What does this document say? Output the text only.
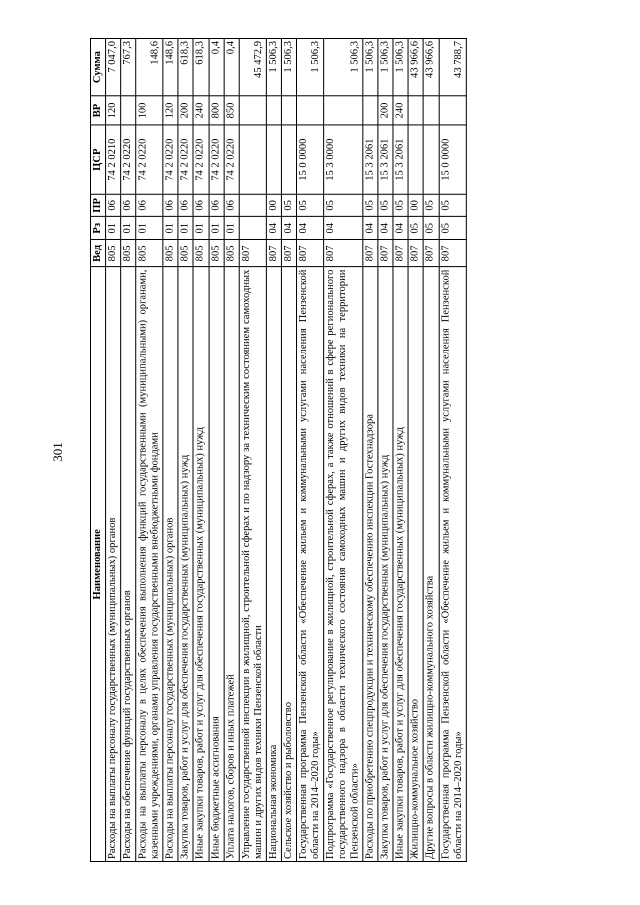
301
Наименование	Вед	Рз	ПР	ЦСР	ВР	Сумма
Расходы на выплаты персоналу государственных (муниципальных) органов	805	01	06	74 2 0210	120	7 047,0
Расходы на обеспечение функций государственных органов	805	01	06	74 2 0220		767,3
Расходы на выплаты персоналу в целях обеспечения выполнения функций государственными (муниципальными) органами, казенными учреждениями, органами управления государственными внебюджетными фондами	805	01	06	74 2 0220	100	148,6
Расходы на выплаты персоналу государственных (муниципальных) органов	805	01	06	74 2 0220	120	148,6
Закупка товаров, работ и услуг для обеспечения государственных (муниципальных) нужд	805	01	06	74 2 0220	200	618,3
Иные закупки товаров, работ и услуг для обеспечения государственных (муниципальных) нужд	805	01	06	74 2 0220	240	618,3
Иные бюджетные ассигнования	805	01	06	74 2 0220	800	0,4
Уплата налогов, сборов и иных платежей	805	01	06	74 2 0220	850	0,4
Управление государственной инспекции в жилищной, строительной сферах и по надзору за техническим состоянием самоходных машин и других видов техники Пензенской области	807					45 472,9
Национальная экономика	807	04	00			1 506,3
Сельское хозяйство и рыболовство	807	04	05			1 506,3
Государственная программа Пензенской области «Обеспечение жильем и коммунальными услугами населения Пензенской области на 2014–2020 годы»	807	04	05	15 0 0000		1 506,3
Подпрограмма «Государственное регулирование в жилищной, строительной сферах, а также отношений в сфере регионального государственного надзора в области технического состояния самоходных машин и других видов техники на территории Пензенской области»	807	04	05	15 3 0000		1 506,3
Расходы по приобретению спецпродукции и техническому обеспечению инспекции Гостехнадзора	807	04	05	15 3 2061		1 506,3
Закупка товаров, работ и услуг для обеспечения государственных (муниципальных) нужд	807	04	05	15 3 2061	200	1 506,3
Иные закупки товаров, работ и услуг для обеспечения государственных (муниципальных) нужд	807	04	05	15 3 2061	240	1 506,3
Жилищно-коммунальное хозяйство	807	05	00			43 966,6
Другие вопросы в области жилищно-коммунального хозяйства	807	05	05			43 966,6
Государственная программа Пензенской области «Обеспечение жильем и коммунальными услугами населения Пензенской области на 2014–2020 годы»	807	05	05	15 0 0000		43 788,7
